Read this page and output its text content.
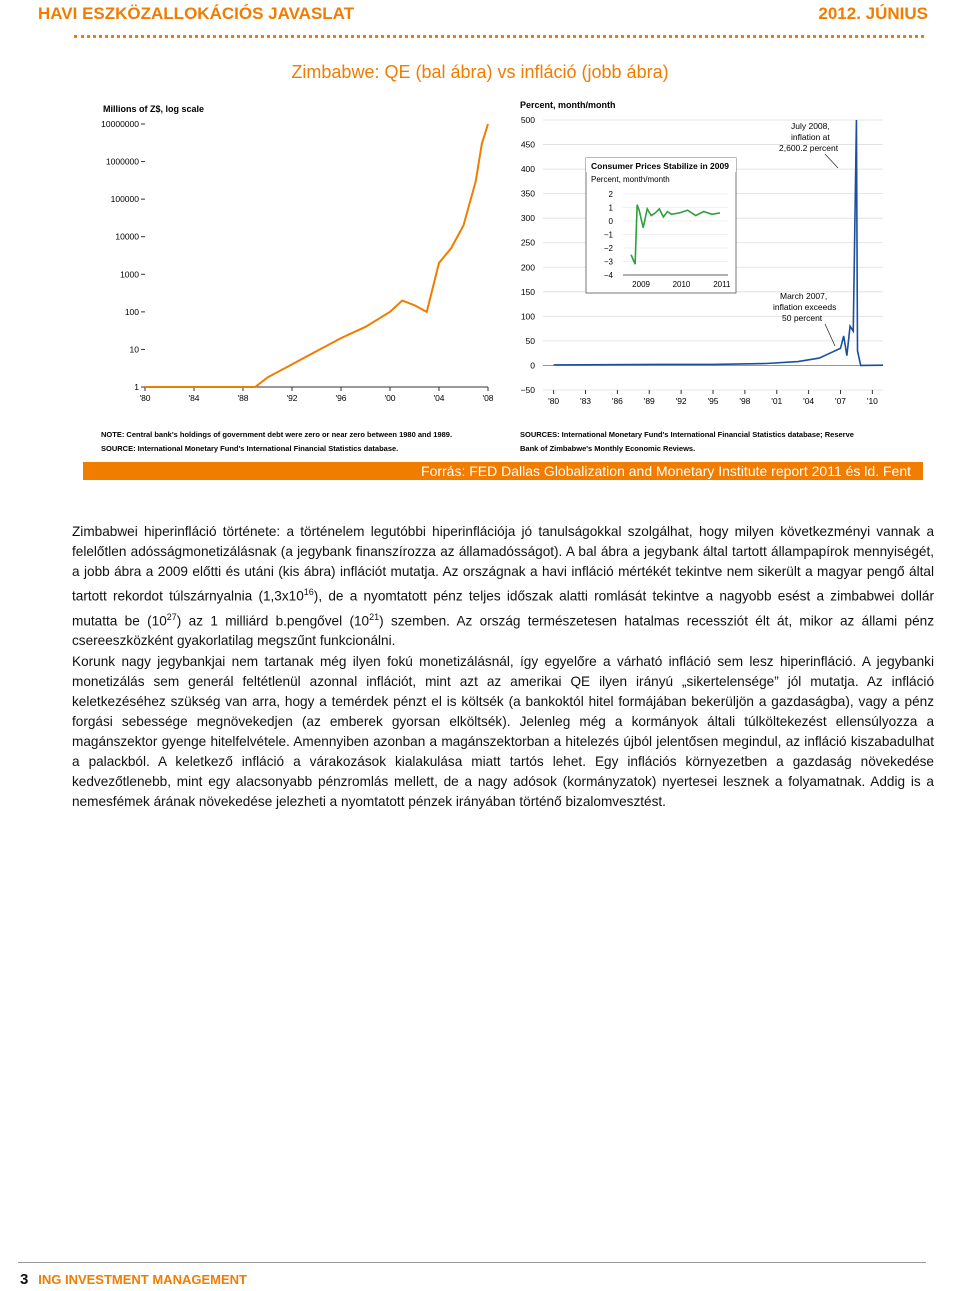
HAVI ESZKÖZALLOKÁCIÓS JAVASLAT	2012. JÚNIUS
Zimbabwe: QE (bal ábra) vs infláció (jobb ábra)
Millions of Z$, log scale
10000000
1000000
100000
10000
1000
100
10
1
'80	'84	'88	'92	'96	'00	'04	'08
NOTE: Central bank's holdings of government debt were zero or near zero between 1980 and 1989.
SOURCE: International Monetary Fund's International Financial Statistics database.
Percent, month/month
500
450
400
350
300
250
200
150
100
50
0
−50
'80 '83 '86 '89 '92 '95 '98 '01 '04 '07 '10
July 2008,
inflation at
2,600.2 percent
March 2007,
inflation exceeds
50 percent
Consumer Prices Stabilize in 2009
Percent, month/month
2
1
0
−1
−2
−3
−4
2009	2010	2011
SOURCES: International Monetary Fund's International Financial Statistics database; Reserve
Bank of Zimbabwe's Monthly Economic Reviews.
Forrás: FED Dallas Globalization and Monetary Institute report 2011 és ld. Fent
Zimbabwei hiperinfláció története: a történelem legutóbbi hiperinflációja jó tanulságokkal szolgálhat, hogy milyen következményi vannak a felelőtlen adósságmonetizálásnak (a jegybank finanszírozza az államadósságot). A bal ábra a jegybank által tartott állampapírok mennyiségét, a jobb ábra a 2009 előtti és utáni (kis ábra) inflációt mutatja. Az országnak a havi infláció mértékét tekintve nem sikerült a magyar pengő által tartott rekordot túlszárnyalnia $(1,3x10^{16})$, de a nyomtatott pénz teljes időszak alatti romlását tekintve a nagyobb esést a zimbabwei dollár mutatta be $(10^{27})$ az 1 milliárd b.pengővel $(10^{21})$ szemben. Az ország természetesen hatalmas recessziót élt át, mikor az állami pénz csereeszközként gyakorlatilag megszűnt funkcionálni.
Korunk nagy jegybankjai nem tartanak még ilyen fokú monetizálásnál, így egyelőre a várható infláció sem lesz hiperinfláció. A jegybanki monetizálás sem generál feltétlenül azonnal inflációt, mint azt az amerikai QE ilyen irányú „sikertelensége” jól mutatja. Az infláció keletkezéséhez szükség van arra, hogy a temérdek pénzt el is költsék (a bankoktól hitel formájában bekerüljön a gazdaságba), vagy a pénz forgási sebessége megnövekedjen (az emberek gyorsan elköltsék). Jelenleg még a kormányok általi túlköltekezést ellensúlyozza a magánszektor gyenge hitelfelvétele. Amennyiben azonban a magánszektorban a hitelezés újból jelentősen megindul, az infláció kiszabadulhat a palackból. A keletkező infláció a várakozások kialakulása miatt tartós lehet. Egy inflációs környezetben a gazdaság növekedése kedvezőtlenebb, mint egy alacsonyabb pénzromlás mellett, de a nagy adósok (kormányzatok) nyertesei lesznek a folyamatnak. Addig is a nemesfémek árának növekedése jelezheti a nyomtatott pénzek irányában történő bizalomvesztést.
3 ING INVESTMENT MANAGEMENT
